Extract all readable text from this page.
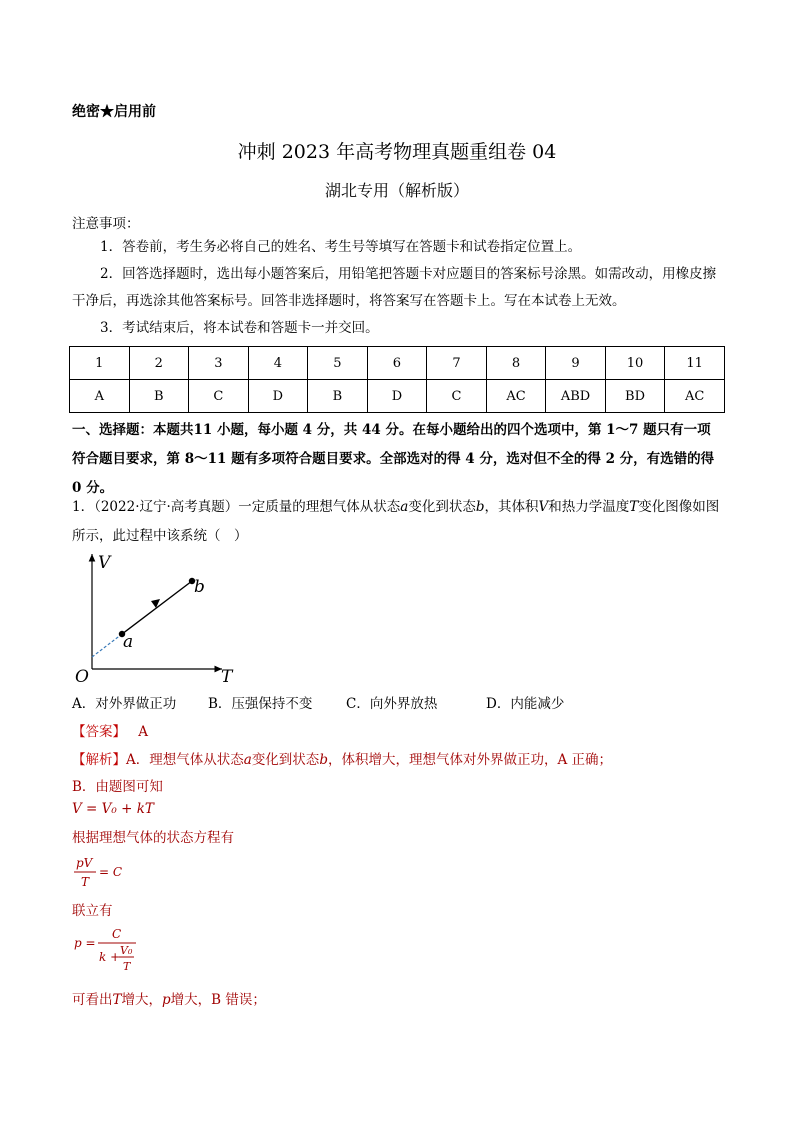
绝密★启用前
冲刺 2023 年高考物理真题重组卷 04
湖北专用（解析版）
注意事项：
1．答卷前，考生务必将自己的姓名、考生号等填写在答题卡和试卷指定位置上。
2．回答选择题时，选出每小题答案后，用铅笔把答题卡对应题目的答案标号涂黑。如需改动，用橡皮擦干净后，再选涂其他答案标号。回答非选择题时，将答案写在答题卡上。写在本试卷上无效。
3．考试结束后，将本试卷和答题卡一并交回。
1	2	3	4	5	6	7	8	9	10	11
A	B	C	D	B	D	C	AC	ABD	BD	AC
一、选择题：本题共11 小题，每小题 4 分，共 44 分。在每小题给出的四个选项中，第 1～7 题只有一项符合题目要求，第 8～11 题有多项符合题目要求。全部选对的得 4 分，选对但不全的得 2 分，有选错的得 0 分。
1．（2022·辽宁·高考真题）一定质量的理想气体从状态a变化到状态b，其体积V和热力学温度T变化图像如图所示，此过程中该系统（　）
V
T
O
a
b
A．对外界做正功 B．压强保持不变 C．向外界放热	D．内能减少
【答案】 A
【解析】A．理想气体从状态a变化到状态b，体积增大，理想气体对外界做正功，A 正确；
B．由题图可知
V = V₀ + kT
根据理想气体的状态方程有
pV
T
= C
联立有
p =
C
k + V₀
T
可看出T增大，p增大，B 错误；
